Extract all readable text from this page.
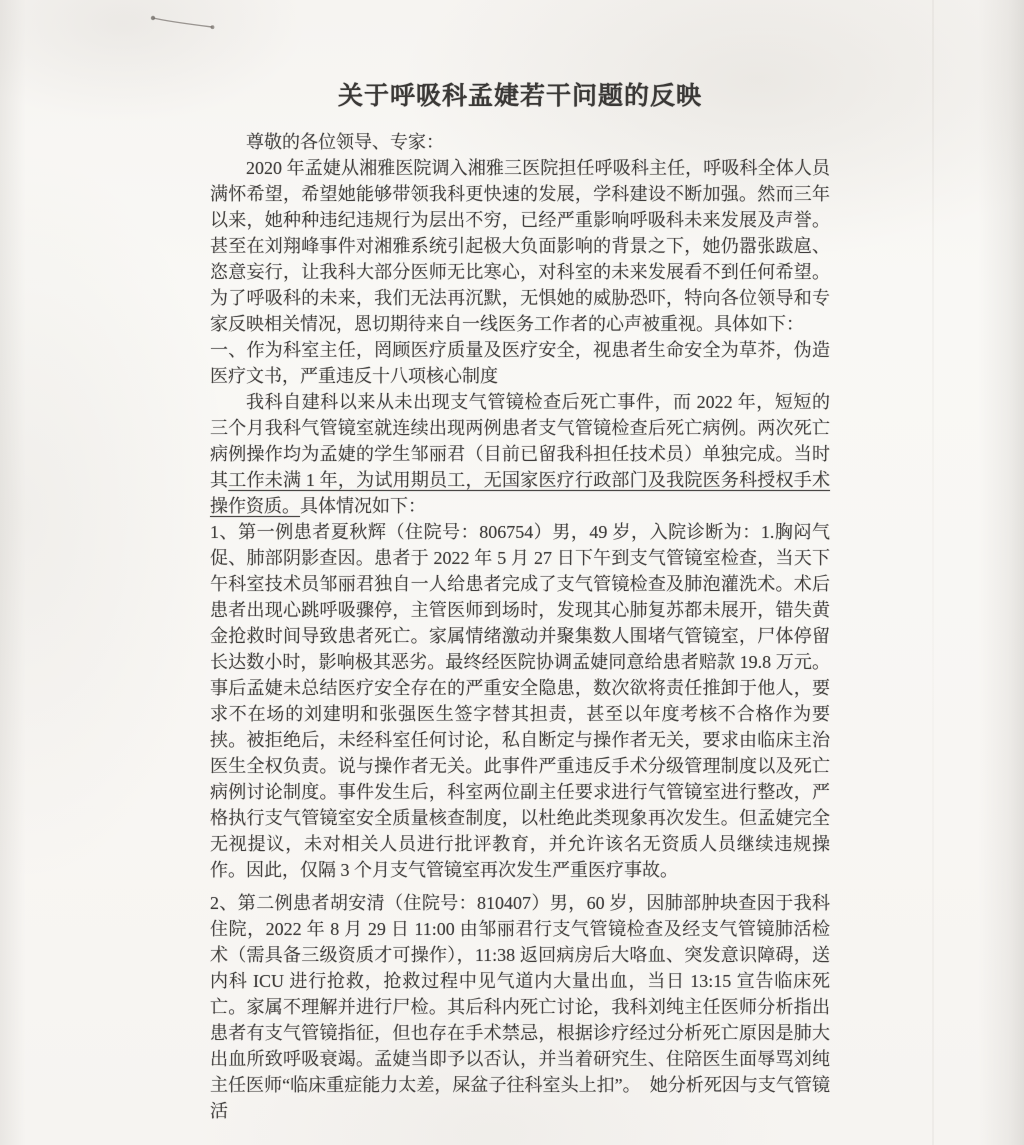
关于呼吸科孟婕若干问题的反映

尊敬的各位领导、专家：

2020 年孟婕从湘雅医院调入湘雅三医院担任呼吸科主任，呼吸科全体人员满怀希望，希望她能够带领我科更快速的发展，学科建设不断加强。然而三年以来，她种种违纪违规行为层出不穷，已经严重影响呼吸科未来发展及声誉。甚至在刘翔峰事件对湘雅系统引起极大负面影响的背景之下，她仍嚣张跋扈、恣意妄行，让我科大部分医师无比寒心，对科室的未来发展看不到任何希望。为了呼吸科的未来，我们无法再沉默，无惧她的威胁恐吓，特向各位领导和专家反映相关情况，恩切期待来自一线医务工作者的心声被重视。具体如下：

一、作为科室主任，罔顾医疗质量及医疗安全，视患者生命安全为草芥，伪造医疗文书，严重违反十八项核心制度

我科自建科以来从未出现支气管镜检查后死亡事件，而 2022 年，短短的三个月我科气管镜室就连续出现两例患者支气管镜检查后死亡病例。两次死亡病例操作均为孟婕的学生邹丽君（目前已留我科担任技术员）单独完成。当时其工作未满 1 年，为试用期员工，无国家医疗行政部门及我院医务科授权手术操作资质。具体情况如下：

1、第一例患者夏秋辉（住院号：806754）男，49 岁，入院诊断为：1.胸闷气促、肺部阴影查因。患者于 2022 年 5 月 27 日下午到支气管镜室检查，当天下午科室技术员邹丽君独自一人给患者完成了支气管镜检查及肺泡灌洗术。术后患者出现心跳呼吸骤停，主管医师到场时，发现其心肺复苏都未展开，错失黄金抢救时间导致患者死亡。家属情绪激动并聚集数人围堵气管镜室，尸体停留长达数小时，影响极其恶劣。最终经医院协调孟婕同意给患者赔款 19.8 万元。事后孟婕未总结医疗安全存在的严重安全隐患，数次欲将责任推卸于他人，要求不在场的刘建明和张强医生签字替其担责，甚至以年度考核不合格作为要挟。被拒绝后，未经科室任何讨论，私自断定与操作者无关，要求由临床主治医生全权负责。说与操作者无关。此事件严重违反手术分级管理制度以及死亡病例讨论制度。事件发生后，科室两位副主任要求进行气管镜室进行整改，严格执行支气管镜室安全质量核查制度，以杜绝此类现象再次发生。但孟婕完全无视提议，未对相关人员进行批评教育，并允许该名无资质人员继续违规操作。因此，仅隔 3 个月支气管镜室再次发生严重医疗事故。

2、第二例患者胡安清（住院号：810407）男，60 岁，因肺部肿块查因于我科住院，2022 年 8 月 29 日 11:00 由邹丽君行支气管镜检查及经支气管镜肺活检术（需具备三级资质才可操作），11:38 返回病房后大咯血、突发意识障碍，送内科 ICU 进行抢救，抢救过程中见气道内大量出血，当日 13:15 宣告临床死亡。家属不理解并进行尸检。其后科内死亡讨论，我科刘纯主任医师分析指出患者有支气管镜指征，但也存在手术禁忌，根据诊疗经过分析死亡原因是肺大出血所致呼吸衰竭。孟婕当即予以否认，并当着研究生、住陪医生面辱骂刘纯主任医师“临床重症能力太差，屎盆子往科室头上扣”。　她分析死因与支气管镜活
